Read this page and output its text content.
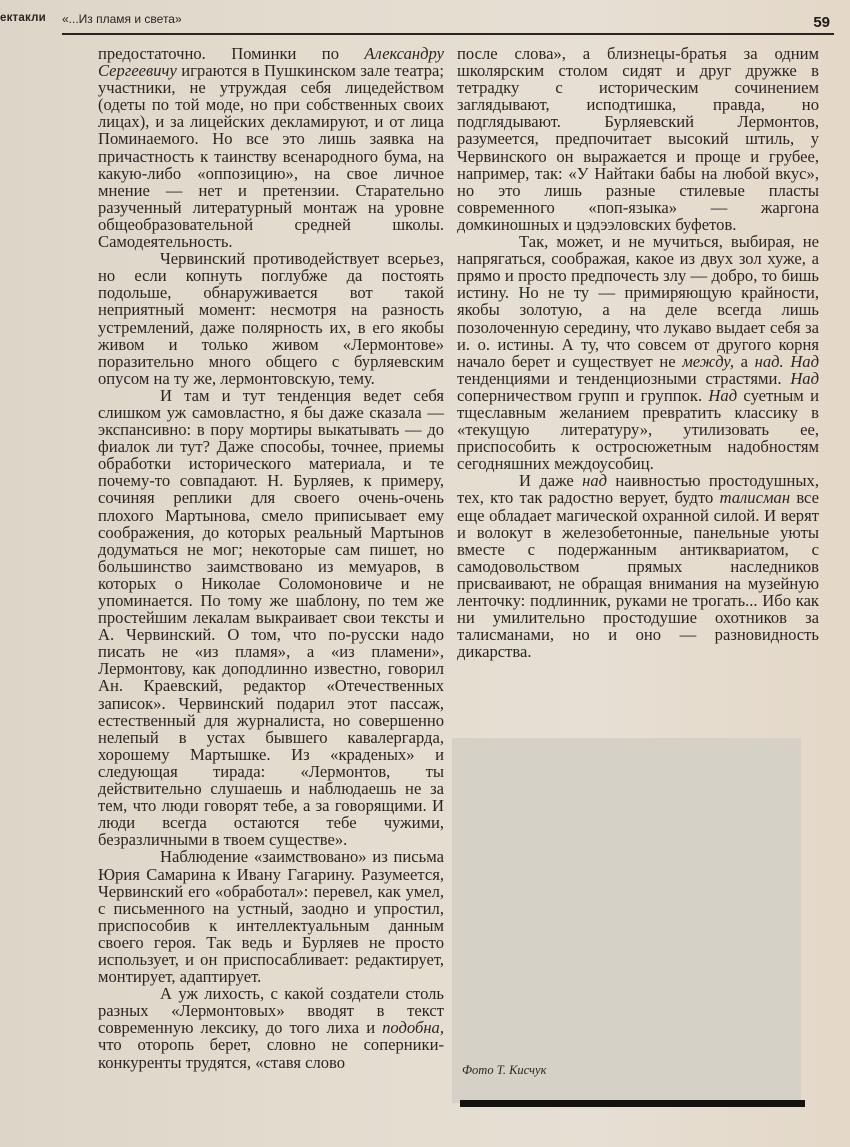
ектакли «...Из пламя и света»	59

предостаточно. Поминки по Александру Сергеевичу играются в Пушкинском зале театра; участники, не утруждая себя лицедейством (одеты по той моде, но при собственных своих лицах), и за лицейских декламируют, и от лица Поминаемого. Но все это лишь заявка на причастность к таинству всенародного бума, на какую-либо «оппозицию», на свое личное мнение — нет и претензии. Старательно разученный литературный монтаж на уровне общеобразовательной средней школы. Самодеятельность.

Червинский противодействует всерьез, но если копнуть поглубже да постоять подольше, обнаруживается вот такой неприятный момент: несмотря на разность устремлений, даже полярность их, в его якобы живом и только живом «Лермонтове» поразительно много общего с бурляевским опусом на ту же, лермонтовскую, тему.

И там и тут тенденция ведет себя слишком уж самовластно, я бы даже сказала — экспансивно: в пору мортиры выкатывать — до фиалок ли тут? Даже способы, точнее, приемы обработки исторического материала, и те почему-то совпадают. Н. Бурляев, к примеру, сочиняя реплики для своего очень-очень плохого Мартынова, смело приписывает ему соображения, до которых реальный Мартынов додуматься не мог; некоторые сам пишет, но большинство заимствовано из мемуаров, в которых о Николае Соломоновиче и не упоминается. По тому же шаблону, по тем же простейшим лекалам выкраивает свои тексты и А. Червинский. О том, что по-русски надо писать не «из пламя», а «из пламени», Лермонтову, как доподлинно известно, говорил Ан. Краевский, редактор «Отечественных записок». Червинский подарил этот пассаж, естественный для журналиста, но совершенно нелепый в устах бывшего кавалергарда, хорошему Мартышке. Из «краденых» и следующая тирада: «Лермонтов, ты действительно слушаешь и наблюдаешь не за тем, что люди говорят тебе, а за говорящими. И люди всегда остаются тебе чужими, безразличными в твоем существе».

Наблюдение «заимствовано» из письма Юрия Самарина к Ивану Гагарину. Разумеется, Червинский его «обработал»: перевел, как умел, с письменного на устный, заодно и упростил, приспособив к интеллектуальным данным своего героя. Так ведь и Бурляев не просто использует, и он приспосабливает: редактирует, монтирует, адаптирует.

А уж лихость, с какой создатели столь разных «Лермонтовых» вводят в текст современную лексику, до того лиха и подобна, что оторопь берет, словно не соперники-конкуренты трудятся, «ставя слово

после слова», а близнецы-братья за одним школярским столом сидят и друг дружке в тетрадку с историческим сочинением заглядывают, исподтишка, правда, но подглядывают. Бурляевский Лермонтов, разумеется, предпочитает высокий штиль, у Червинского он выражается и проще и грубее, например, так: «У Найтаки бабы на любой вкус», но это лишь разные стилевые пласты современного «поп-языка» — жаргона домкиношных и цэдээловских буфетов.

Так, может, и не мучиться, выбирая, не напрягаться, соображая, какое из двух зол хуже, а прямо и просто предпочесть злу — добро, то бишь истину. Но не ту — примиряющую крайности, якобы золотую, а на деле всегда лишь позолоченную середину, что лукаво выдает себя за и. о. истины. А ту, что совсем от другого корня начало берет и существует не между, а над. Над тенденциями и тенденциозными страстями. Над соперничеством групп и группок. Над суетным и тщеславным желанием превратить классику в «текущую литературу», утилизовать ее, приспособить к остросюжетным надобностям сегодняшних междоусобиц.

И даже над наивностью простодушных, тех, кто так радостно верует, будто талисман все еще обладает магической охранной силой. И верят и волокут в железобетонные, панельные уюты вместе с подержанным антиквариатом, с самодовольством прямых наследников присваивают, не обращая внимания на музейную ленточку: подлинник, руками не трогать... Ибо как ни умилительно простодушие охотников за талисманами, но и оно — разновидность дикарства.

Фото Т. Кисчук
